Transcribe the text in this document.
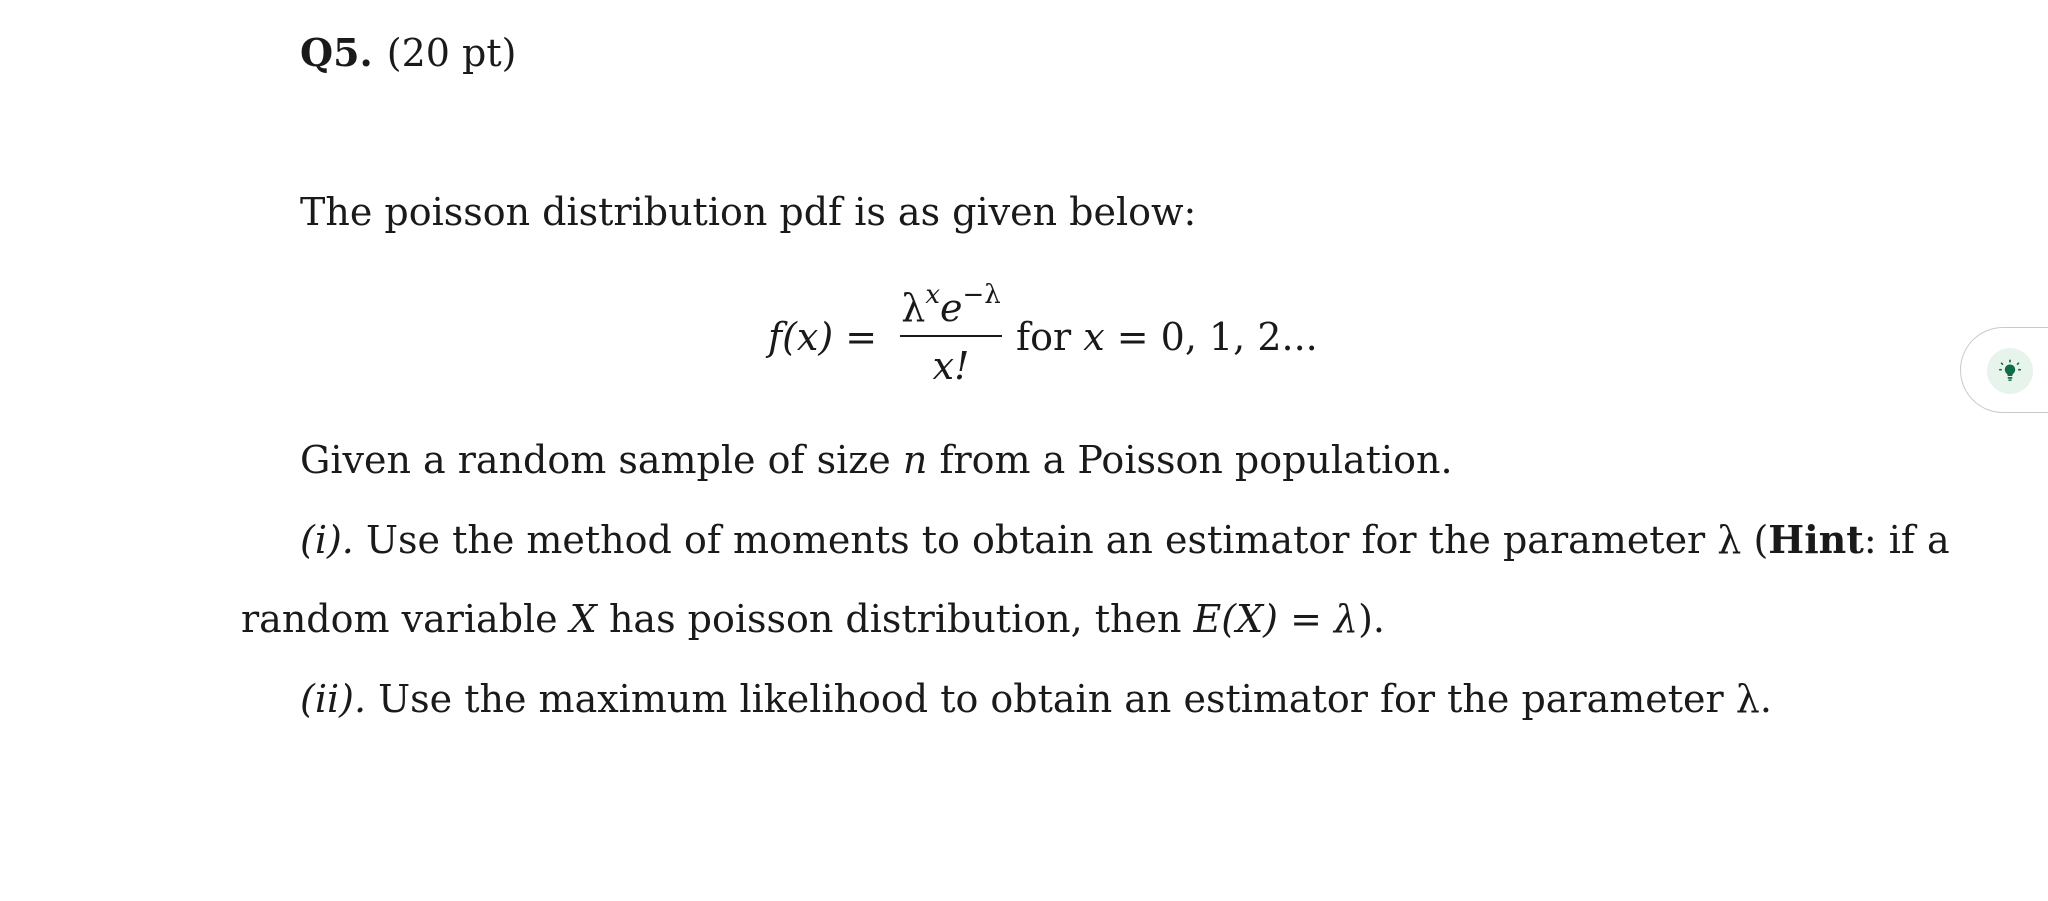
Q5. (20 pt)
The poisson distribution pdf is as given below:
f(x) =
$\lambda^xe^{-\lambda}$
x!
for x = 0, 1, 2...
Given a random sample of size n from a Poisson population.
(i). Use the method of moments to obtain an estimator for the parameter λ (Hint: if a
random variable X has poisson distribution, then E(X) = λ).
(ii). Use the maximum likelihood to obtain an estimator for the parameter λ.
